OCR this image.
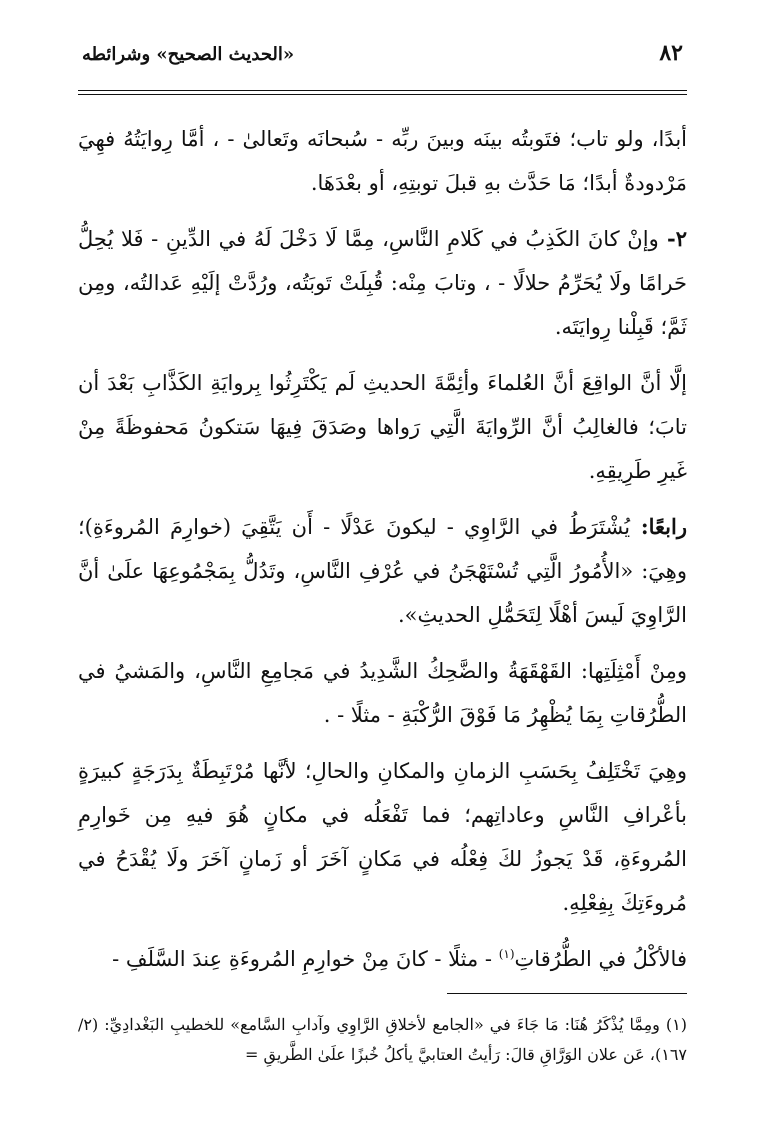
٨٢
«الحديث الصحيح» وشرائطه

أبدًا، ولو تاب؛ فتَوبتُه بينَه وبينَ ربِّه - سُبحانَه وتَعالىٰ - ، أمَّا رِوايَتُهُ فهِيَ مَرْدودةٌ أبدًا؛ مَا حَدَّث بهِ قبلَ توبتِهِ، أو بعْدَهَا.

٢- وإنْ كانَ الكَذِبُ في كَلامِ النَّاسِ، مِمَّا لَا دَخْلَ لَهُ في الدِّينِ - فَلا يُحِلُّ حَرامًا ولَا يُحَرِّمُ حلالًا - ، وتابَ مِنْه: قُبِلَتْ تَوبَتُه، ورُدَّتْ إلَيْهِ عَدالتُه، ومِن ثَمَّ؛ قَبِلْنا رِوايَتَه.

إلَّا أنَّ الواقِعَ أنَّ العُلماءَ وأئِمَّةَ الحديثِ لَم يَكْتَرِثُوا بِروايَةِ الكَذَّابِ بَعْدَ أن تابَ؛ فالغالِبُ أنَّ الرِّوايَةَ الَّتِي رَواها وصَدَقَ فِيهَا سَتكونُ مَحفوظَةً مِنْ غَيرِ طَرِيقِهِ.

رابعًا: يُشْتَرَطُ في الرَّاوِي - ليكونَ عَدْلًا - أَن يَتَّقِيَ (خوارِمَ المُروءَةِ)؛ وهِيَ: «الأُمُورُ الَّتِي تُسْتَهْجَنُ في عُرْفِ النَّاسِ، وتَدُلُّ بِمَجْمُوعِهَا علَىٰ أنَّ الرَّاوِيَ لَيسَ أهْلًا لِتَحَمُّلِ الحديثِ».

ومِنْ أَمْثِلَتِها: القَهْقَهَةُ والضَّحِكُ الشَّدِيدُ في مَجامِعِ النَّاسِ، والمَشيُ في الطُّرُقاتِ بِمَا يُظْهِرُ مَا فَوْقَ الرُّكْبَةِ - مثلًا - .

وهِيَ تَخْتَلِفُ بِحَسَبِ الزمانِ والمكانِ والحالِ؛ لأنَّها مُرْتَبِطَةٌ بِدَرَجَةٍ كبيرَةٍ بأعْرافِ النَّاسِ وعاداتِهم؛ فما تَفْعَلُه في مكانٍ هُوَ فيهِ مِن خَوارِمِ المُروءَةِ، قَدْ يَجوزُ لكَ فِعْلُه في مَكانٍ آخَرَ أو زَمانٍ آخَرَ ولَا يُقْدَحُ في مُروءَتِكَ بِفِعْلِهِ.

فالأكْلُ في الطُّرُقاتِ$^{(١)}$ - مثلًا - كانَ مِنْ خوارِمِ المُروءَةِ عِندَ السَّلَفِ -

(١) ومِمَّا يُذْكَرُ هُنَا: مَا جَاءَ في «الجامع لأخلاقِ الرَّاوِي وآدابِ السَّامع» للخطيبِ البَغْدادِيِّ: (٢/ ١٦٧)، عَن علان الوَرَّاقِ قالَ: رَأيتُ العتابيَّ يأكلُ خُبزًا علَىٰ الطَّريقِ =
